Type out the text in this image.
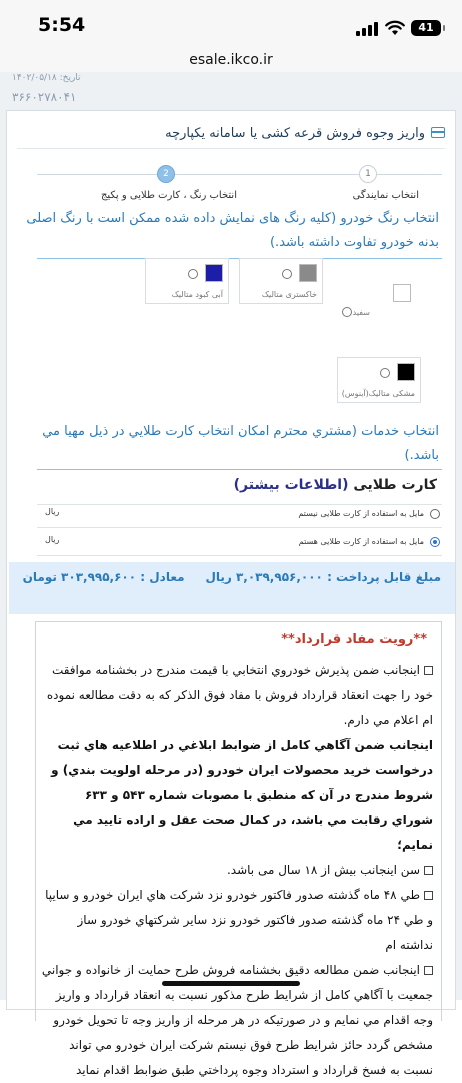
5:54	41
esale.ikco.ir
تاریخ: ۱۴۰۲/۰۵/۱۸
۳۶۶۰۲۷۸۰۴۱
واریز وجوه فروش قرعه کشی یا سامانه یکپارچه
1
2
انتخاب نمایندگی
انتخاب رنگ ، کارت طلایی و پکیج
انتخاب رنگ خودرو (کلیه رنگ های نمایش داده شده ممکن است با رنگ اصلی بدنه خودرو تفاوت داشته باشد.)
سفید
خاکستری متالیک
آبی کبود متالیک
مشکی متالیک(آبنوس)
انتخاب خدمات (مشتري محترم امكان انتخاب كارت طلايي در ذيل مهيا مي باشد.)
کارت طلایی (اطلاعات بیشتر)
مایل به استفاده از کارت طلایی نیستم
ريال
مایل به استفاده از کارت طلایی هستم
ريال
مبلغ قابل پرداخت : ۳,۰۳۹,۹۵۶,۰۰۰ ريال     معادل : ۳۰۳,۹۹۵,۶۰۰ تومان
**رویت مفاد قرارداد**

اینجانب ضمن پذيرش خودروي انتخابي با قيمت مندرج در بخشنامه موافقت خود را جهت انعقاد قرارداد فروش با مفاد فوق الذكر كه به دقت مطالعه نموده ام اعلام مي دارم.

اينجانب ضمن آگاهي كامل از ضوابط ابلاغي در اطلاعيه هاي ثبت درخواست خريد محصولات ايران خودرو (در مرحله اولويت بندي) و شروط مندرج در آن كه منطبق با مصوبات شماره ۵۴۳ و ۶۳۳ شوراي رقابت مي باشد، در كمال صحت عقل و اراده تاييد مي نمايم؛

سن اینجانب بیش از ۱۸ سال می باشد.

طي ۴۸ ماه گذشته صدور فاكتور خودرو نزد شركت هاي ايران خودرو و سايپا و طي ۲۴ ماه گذشته صدور فاكتور خودرو نزد ساير شركتهاي خودرو ساز نداشته ام

اینجانب ضمن مطالعه دقيق بخشنامه فروش طرح حمایت از خانواده و جواني جمعيت با آگاهي كامل از شرايط طرح مذكور نسبت به انعقاد قرارداد و واريز وجه اقدام مي نمايم و در صورتيكه در هر مرحله از واريز وجه تا تحويل خودرو مشخص گردد حائز شرايط طرح فوق نيستم شركت ايران خودرو مي تواند نسبت به فسخ قرارداد و استرداد وجوه پرداختي طبق ضوابط اقدام نمايد
